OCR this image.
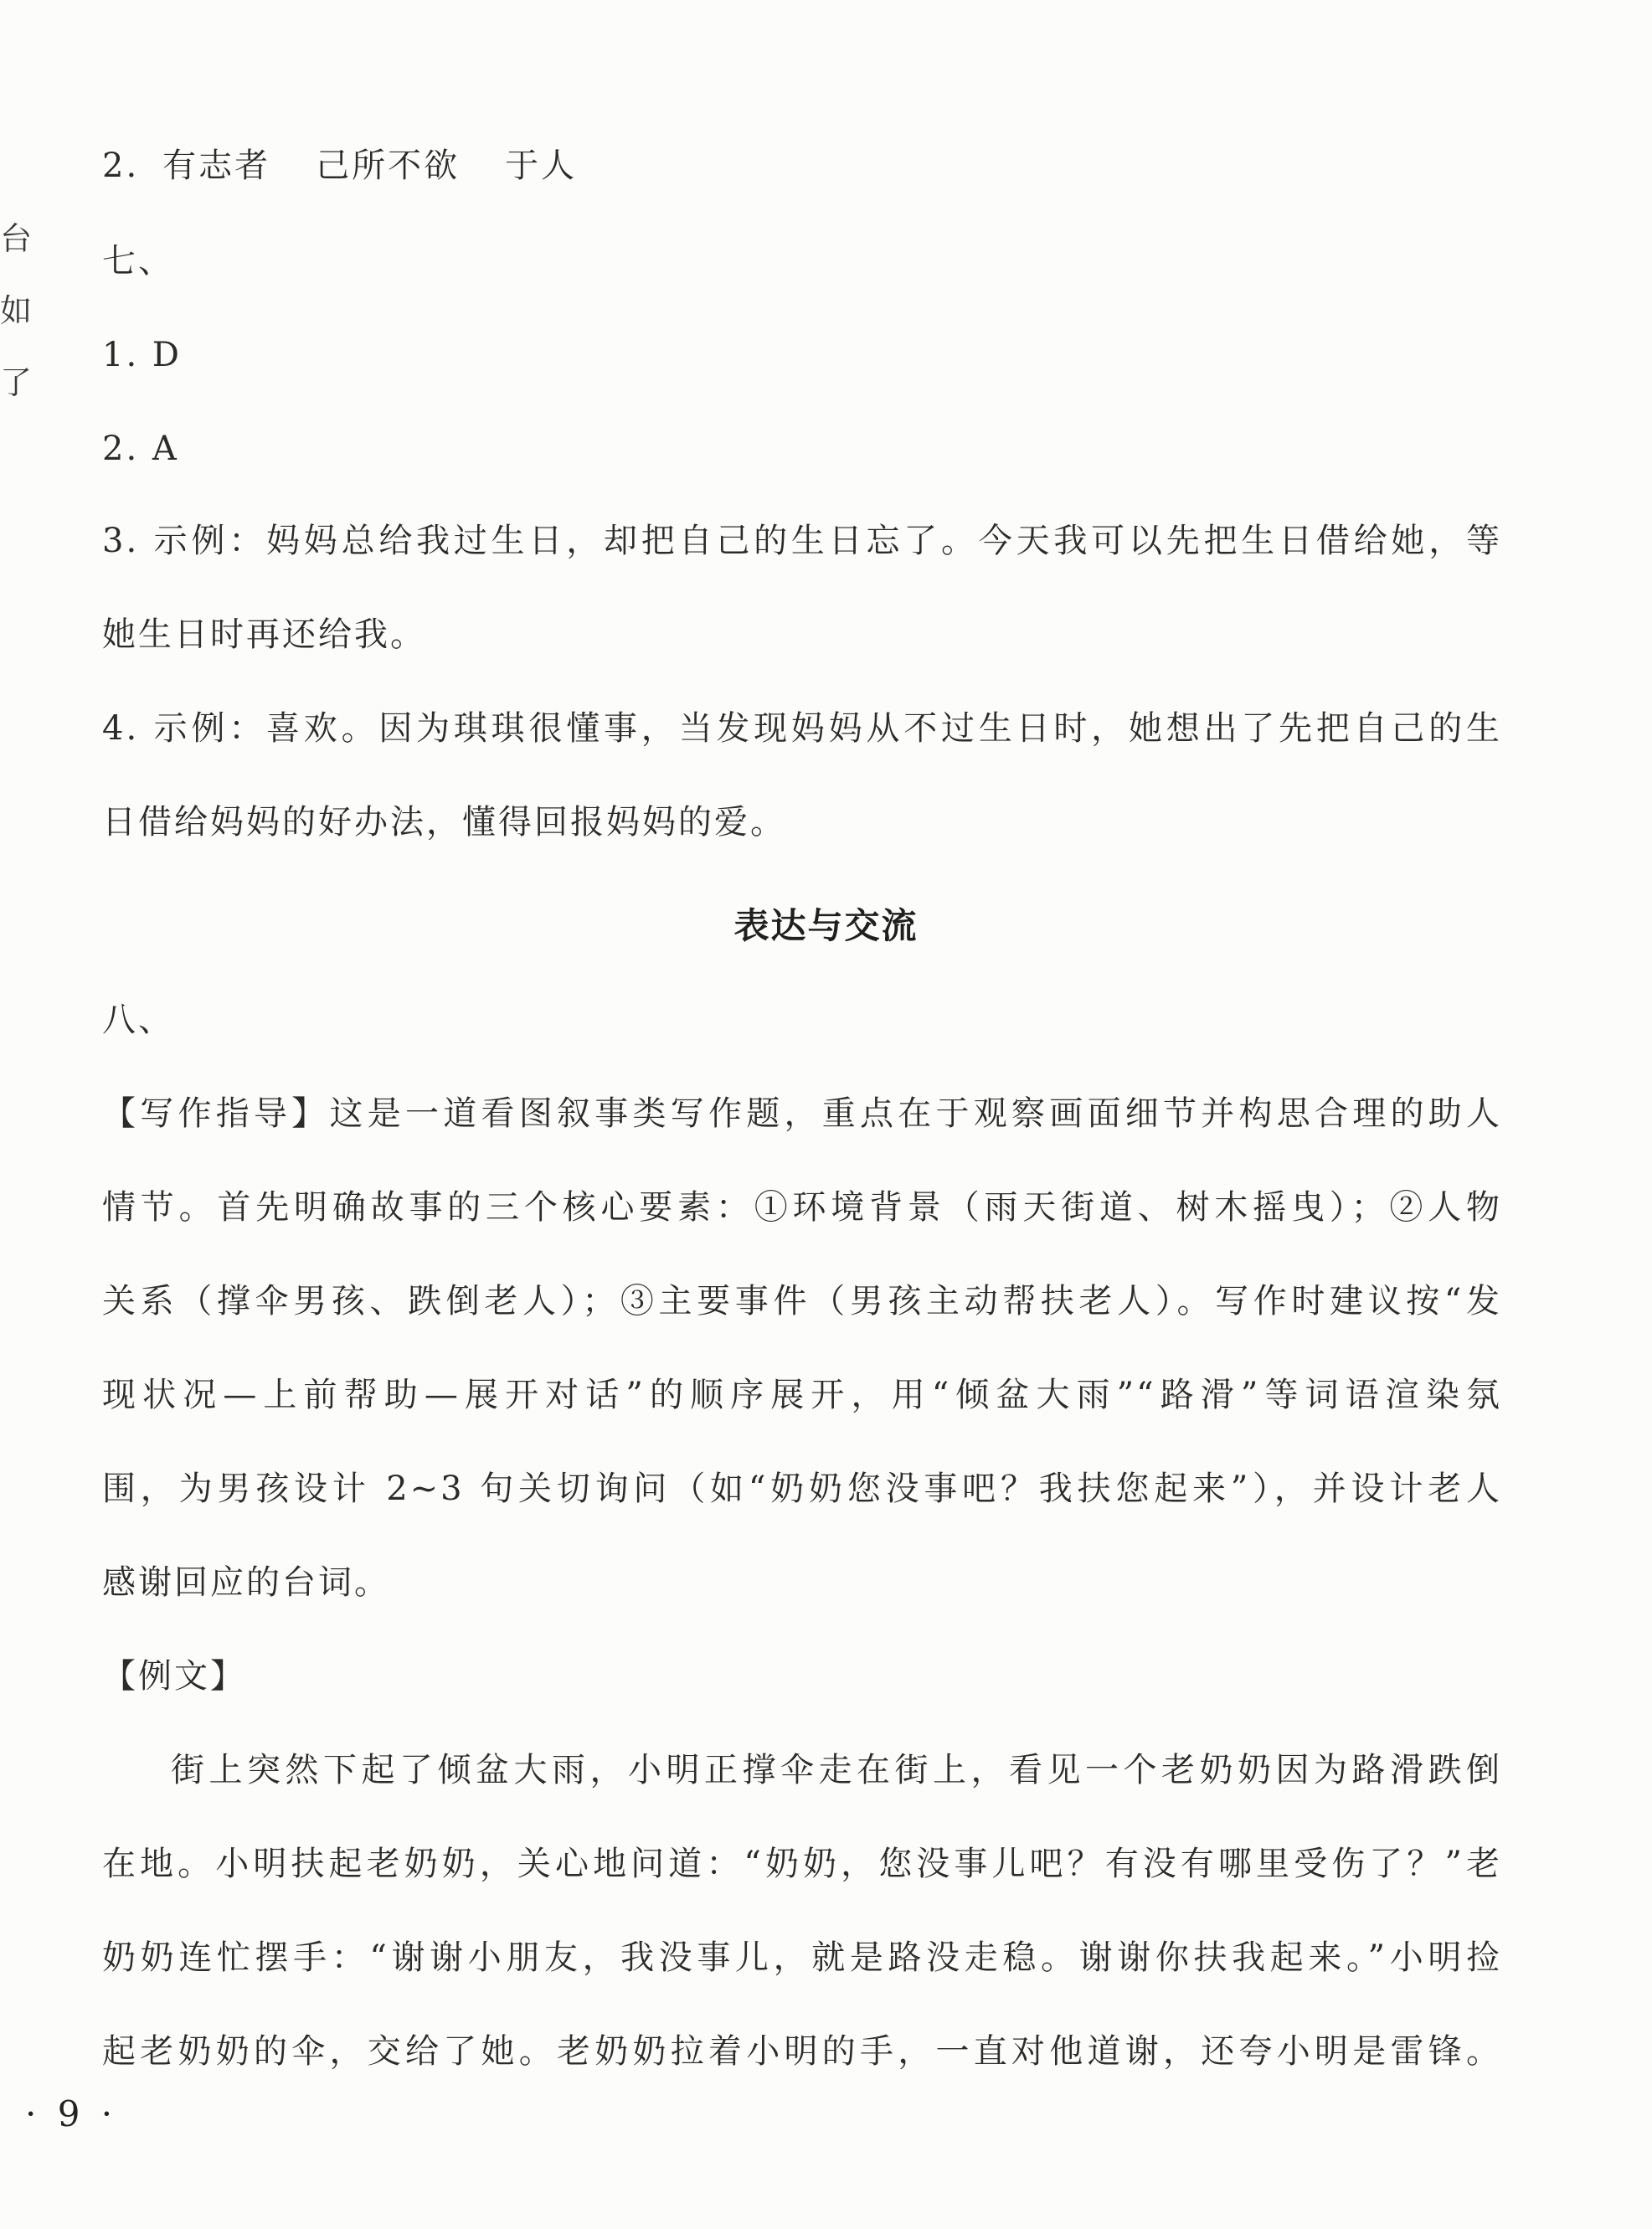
台
如
了
2. 有志者 己所不欲 于人
七、
1. D
2. A
3. 示例：妈妈总给我过生日，却把自己的生日忘了。今天我可以先把生日借给她，等
她生日时再还给我。
4. 示例：喜欢。因为琪琪很懂事，当发现妈妈从不过生日时，她想出了先把自己的生
日借给妈妈的好办法，懂得回报妈妈的爱。
表达与交流
八、
【写作指导】这是一道看图叙事类写作题，重点在于观察画面细节并构思合理的助人
情节。首先明确故事的三个核心要素：①环境背景（雨天街道、树木摇曳）；②人物
关系（撑伞男孩、跌倒老人）；③主要事件（男孩主动帮扶老人）。写作时建议按“发
现状况—上前帮助—展开对话”的顺序展开，用“倾盆大雨”“路滑”等词语渲染氛
围，为男孩设计 2~3 句关切询问（如“奶奶您没事吧？我扶您起来”），并设计老人
感谢回应的台词。
【例文】
街上突然下起了倾盆大雨，小明正撑伞走在街上，看见一个老奶奶因为路滑跌倒
在地。小明扶起老奶奶，关心地问道：“奶奶，您没事儿吧？有没有哪里受伤了？”老
奶奶连忙摆手：“谢谢小朋友，我没事儿，就是路没走稳。谢谢你扶我起来。”小明捡
起老奶奶的伞，交给了她。老奶奶拉着小明的手，一直对他道谢，还夸小明是雷锋。
· 9 ·
